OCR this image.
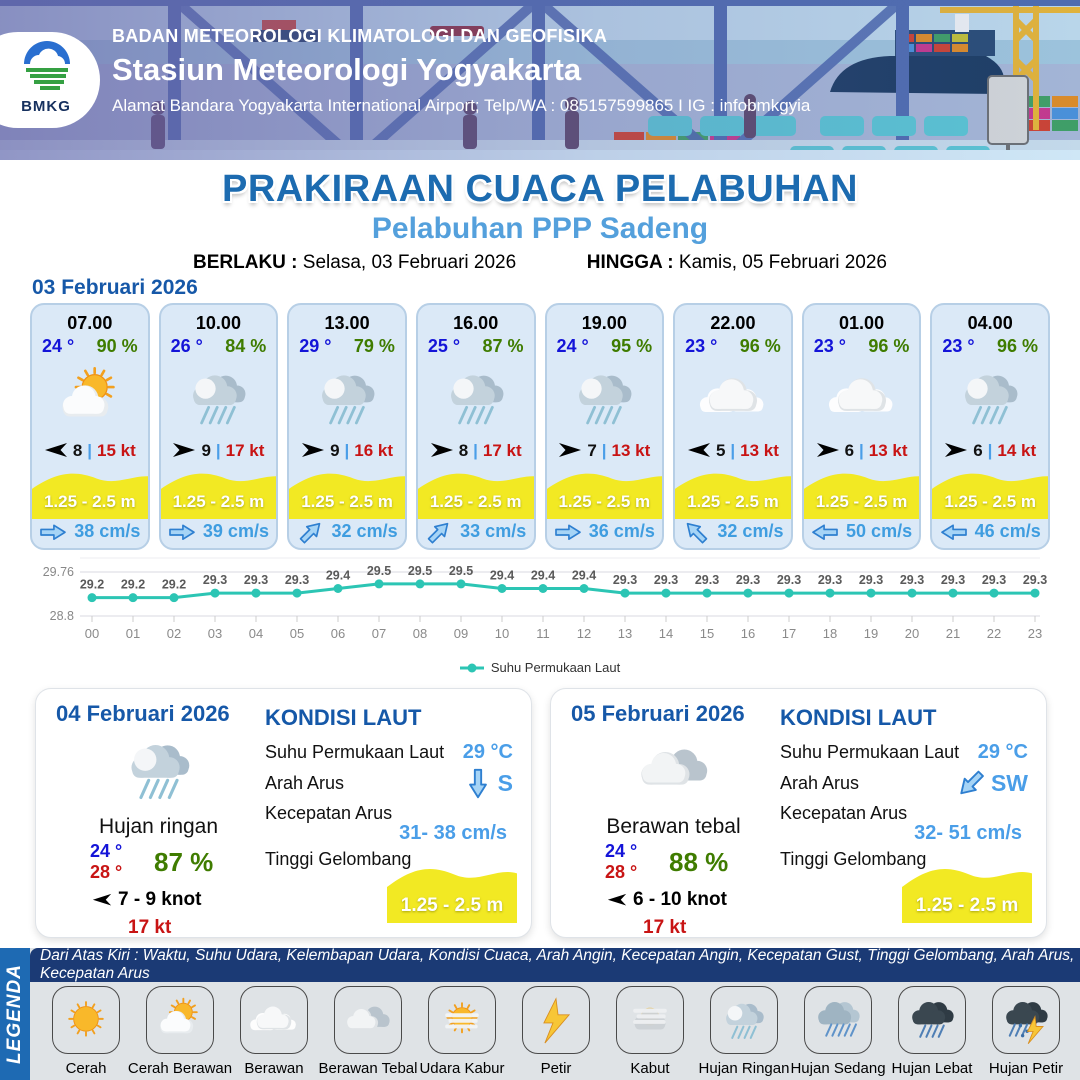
BMKG
BADAN METEOROLOGI KLIMATOLOGI DAN GEOFISIKA
Stasiun Meteorologi Yogyakarta
Alamat Bandara Yogyakarta International Airport; Telp/WA : 085157599865 I IG : infobmkgyia
PRAKIRAAN CUACA PELABUHAN
Pelabuhan PPP Sadeng
BERLAKU : Selasa, 03 Februari 2026	HINGGA : Kamis, 05 Februari 2026
03 Februari 2026
07.00
24 ° 90 %
8 | 15 kt
1.25 - 2.5 m
38 cm/s
10.00
26 ° 84 %
9 | 17 kt
1.25 - 2.5 m
39 cm/s
13.00
29 ° 79 %
9 | 16 kt
1.25 - 2.5 m
32 cm/s
16.00
25 ° 87 %
8 | 17 kt
1.25 - 2.5 m
33 cm/s
19.00
24 ° 95 %
7 | 13 kt
1.25 - 2.5 m
36 cm/s
22.00
23 ° 96 %
5 | 13 kt
1.25 - 2.5 m
32 cm/s
01.00
23 ° 96 %
6 | 13 kt
1.25 - 2.5 m
50 cm/s
04.00
23 ° 96 %
6 | 14 kt
1.25 - 2.5 m
46 cm/s
29.76
28.8
29.2
00
29.2
01
29.2
02
29.3
03
29.3
04
29.3
05
29.4
06
29.5
07
29.5
08
29.5
09
29.4
10
29.4
11
29.4
12
29.3
13
29.3
14
29.3
15
29.3
16
29.3
17
29.3
18
29.3
19
29.3
20
29.3
21
29.3
22
29.3
23
Suhu Permukaan Laut
04 Februari 2026
Hujan ringan
24 °	87 %
28 °
7 - 9 knot
17 kt
KONDISI LAUT
Suhu Permukaan Laut 29 °C
Arah Arus	S
Kecepatan Arus
31- 38 cm/s
Tinggi Gelombang
1.25 - 2.5 m
05 Februari 2026
Berawan tebal
24 °	88 %
28 °
6 - 10 knot
17 kt
KONDISI LAUT
Suhu Permukaan Laut 29 °C
Arah Arus	SW
Kecepatan Arus
32- 51 cm/s
Tinggi Gelombang
1.25 - 2.5 m
LEGENDA
Dari Atas Kiri : Waktu, Suhu Udara, Kelembapan Udara, Kondisi Cuaca, Arah Angin, Kecepatan Angin, Kecepatan Gust, Tinggi Gelombang, Arah Arus, Kecepatan Arus
Cerah Cerah Berawan Berawan Berawan Tebal Udara Kabur Petir	Kabut Hujan Ringan Hujan Sedang Hujan Lebat Hujan Petir
